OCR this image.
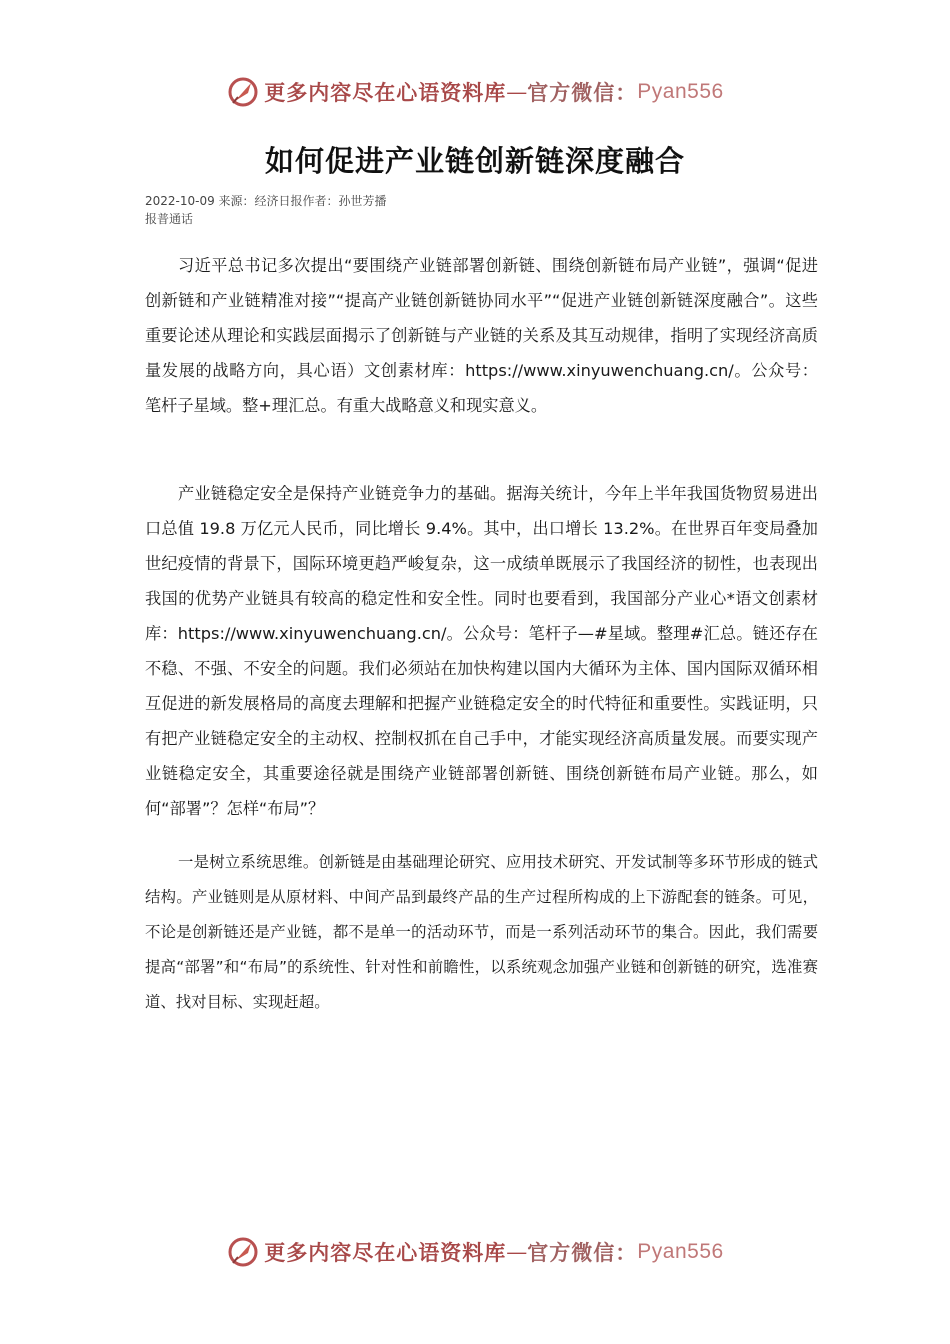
更多内容尽在心语资料库 — 官方微信： Pyan556
如何促进产业链创新链深度融合
2022-10-09 来源：经济日报作者：孙世芳播报普通话

习近平总书记多次提出“要围绕产业链部署创新链、围绕创新链布局产业链”，强调“促进创新链和产业链精准对接”“提高产业链创新链协同水平”“促进产业链创新链深度融合”。这些重要论述从理论和实践层面揭示了创新链与产业链的关系及其互动规律，指明了实现经济高质量发展的战略方向，具心语）文创素材库：https://www.xinyuwenchuang.cn/。公众号：笔杆子星域。整+理汇总。有重大战略意义和现实意义。

产业链稳定安全是保持产业链竞争力的基础。据海关统计，今年上半年我国货物贸易进出口总值 19.8 万亿元人民币，同比增长 9.4%。其中，出口增长 13.2%。在世界百年变局叠加世纪疫情的背景下，国际环境更趋严峻复杂，这一成绩单既展示了我国经济的韧性，也表现出我国的优势产业链具有较高的稳定性和安全性。同时也要看到，我国部分产业心*语文创素材库：https://www.xinyuwenchuang.cn/。公众号：笔杆子—#星域。整理#汇总。链还存在不稳、不强、不安全的问题。我们必须站在加快构建以国内大循环为主体、国内国际双循环相互促进的新发展格局的高度去理解和把握产业链稳定安全的时代特征和重要性。实践证明，只有把产业链稳定安全的主动权、控制权抓在自己手中，才能实现经济高质量发展。而要实现产业链稳定安全，其重要途径就是围绕产业链部署创新链、围绕创新链布局产业链。那么，如何“部署”？怎样“布局”？

一是树立系统思维。创新链是由基础理论研究、应用技术研究、开发试制等多环节形成的链式结构。产业链则是从原材料、中间产品到最终产品的生产过程所构成的上下游配套的链条。可见，不论是创新链还是产业链，都不是单一的活动环节，而是一系列活动环节的集合。因此，我们需要提高“部署”和“布局”的系统性、针对性和前瞻性，以系统观念加强产业链和创新链的研究，选准赛道、找对目标、实现赶超。

更多内容尽在心语资料库 — 官方微信： Pyan556
